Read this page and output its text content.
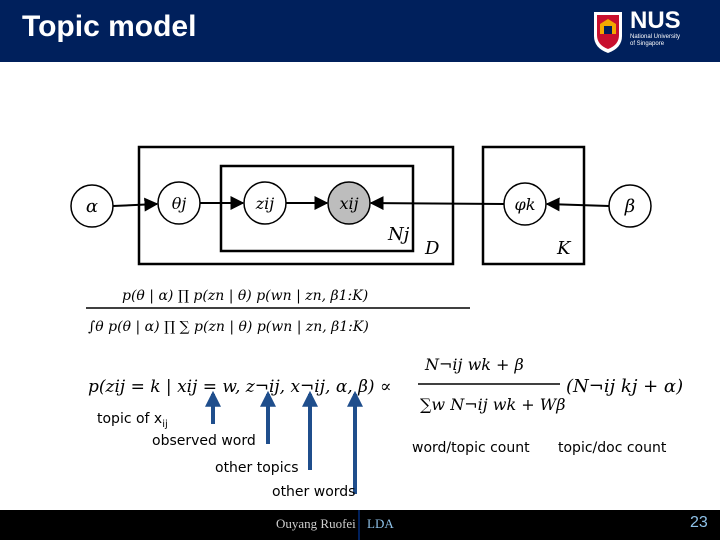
Topic model	NUS
National University
of Singapore
α	θj	zij	xij	φk	β
Nj
D	K
p(θ | α) ∏ p(zn | θ) p(wn | zn, β1:K)
∫θ p(θ | α) ∏ ∑ p(zn | θ) p(wn | zn, β1:K)
p(zij = k | xij = w, z¬ij, x¬ij, α, β) ∝
N¬ij wk + β
∑w N¬ij wk + Wβ
(N¬ij kj + α)
topic of $x_{ij}$
observed word
other topics
other words
word/topic count topic/doc count
Ouyang Ruofei LDA	23
